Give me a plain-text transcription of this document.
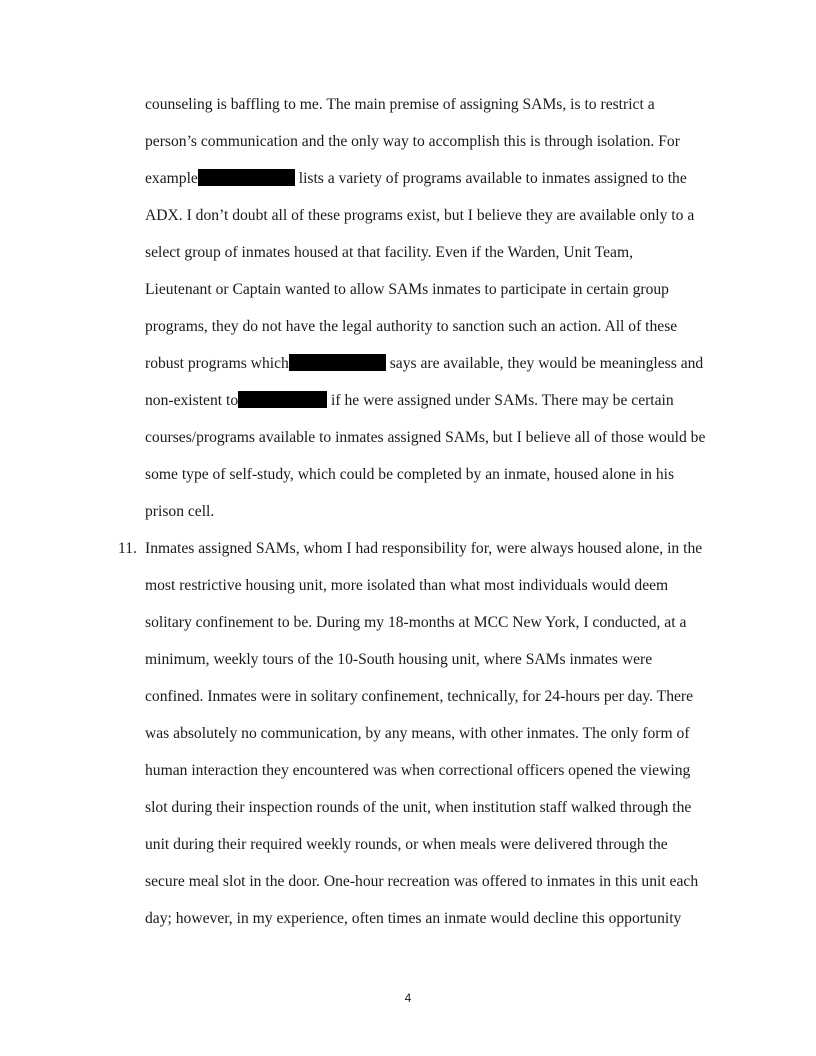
counseling is baffling to me. The main premise of assigning SAMs, is to restrict a

person’s communication and the only way to accomplish this is through isolation. For

example	lists a variety of programs available to inmates assigned to the

ADX. I don’t doubt all of these programs exist, but I believe they are available only to a

select group of inmates housed at that facility. Even if the Warden, Unit Team,

Lieutenant or Captain wanted to allow SAMs inmates to participate in certain group

programs, they do not have the legal authority to sanction such an action. All of these

robust programs which	says are available, they would be meaningless and

non-existent to	if he were assigned under SAMs. There may be certain

courses/programs available to inmates assigned SAMs, but I believe all of those would be

some type of self-study, which could be completed by an inmate, housed alone in his

prison cell.

11. Inmates assigned SAMs, whom I had responsibility for, were always housed alone, in the

most restrictive housing unit, more isolated than what most individuals would deem

solitary confinement to be. During my 18-months at MCC New York, I conducted, at a

minimum, weekly tours of the 10-South housing unit, where SAMs inmates were

confined. Inmates were in solitary confinement, technically, for 24-hours per day. There

was absolutely no communication, by any means, with other inmates. The only form of

human interaction they encountered was when correctional officers opened the viewing

slot during their inspection rounds of the unit, when institution staff walked through the

unit during their required weekly rounds, or when meals were delivered through the

secure meal slot in the door. One-hour recreation was offered to inmates in this unit each

day; however, in my experience, often times an inmate would decline this opportunity

4
